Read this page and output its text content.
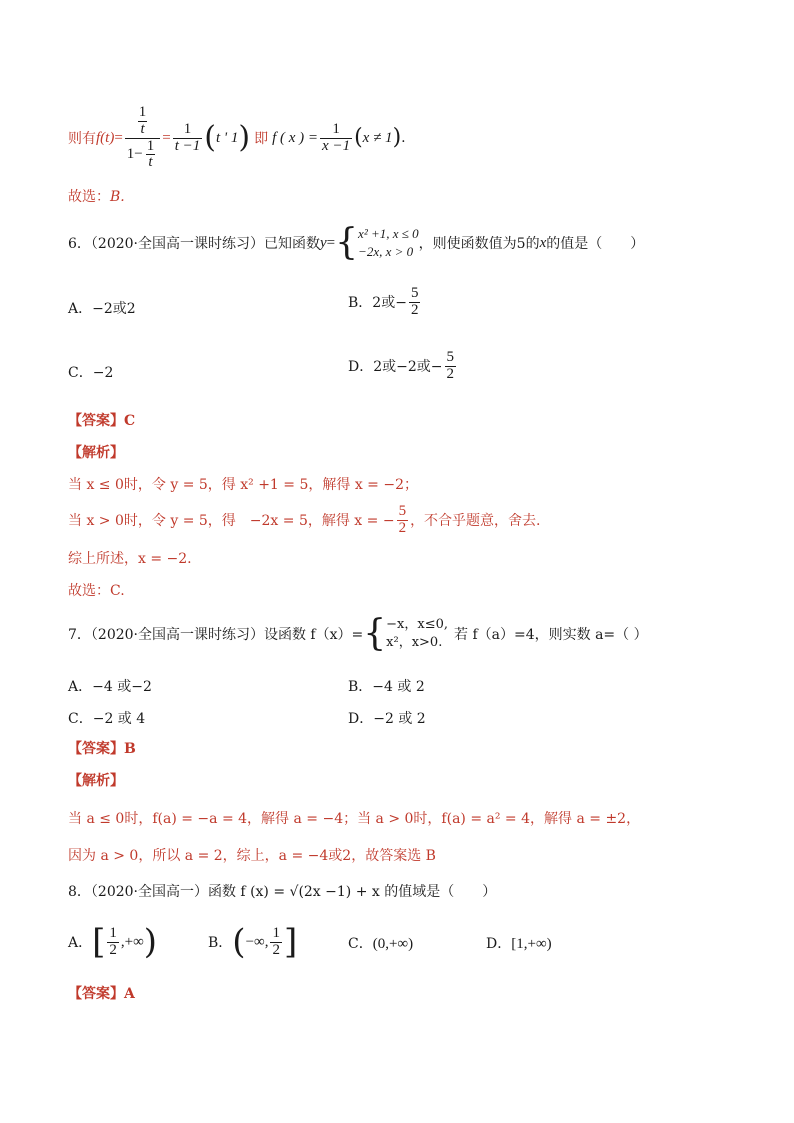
则有 $f(t) = \frac{\frac{1}{t}}{1- \frac{1}{t}} = \frac{1}{t -1}$ ( t ' 1 ) 即 f ( x ) = $\frac{1}{x -1}$ ( x ≠ 1 ) .
故选：B.
6．（2020·全国高一课时练习）已知函数 y = { x² +1, x ≤ 0
−2x, x > 0 ，则使函数值为5的 x 的值是（　　）
A．−2或2	B． 2或− $\frac{5}{2}$
C．−2	D． 2或−2或− $\frac{5}{2}$
【答案】C
【解析】
当 x ≤ 0时，令 y = 5，得 x² +1 = 5，解得 x = −2；
当 x > 0时，令 y = 5，得　−2x = 5，解得 x = − $\frac{5}{2}$ ，不合乎题意，舍去.
综上所述，x = −2.
故选：C.
7．（2020·全国高一课时练习）设函数 f（x）= { −x，x≤0,
x²，x>0. 若 f（a）=4，则实数 a=（ ）
A．−4 或−2	B．−4 或 2
C．−2 或 4	D．−2 或 2
【答案】B
【解析】
当 a ≤ 0时，f(a) = −a = 4，解得 a = −4；当 a > 0时，f(a) = a² = 4，解得 a = ±2，
因为 a > 0，所以 a = 2，综上，a = −4或2，故答案选 B
8．（2020·全国高一）函数 f (x) = √(2x −1) + x 的值域是（　　）
A． [ $\frac{1}{2}$ ,+∞ )	B． ( −∞, $\frac{1}{2}$ ]	C．(0,+∞)	D．[1,+∞)
【答案】A
